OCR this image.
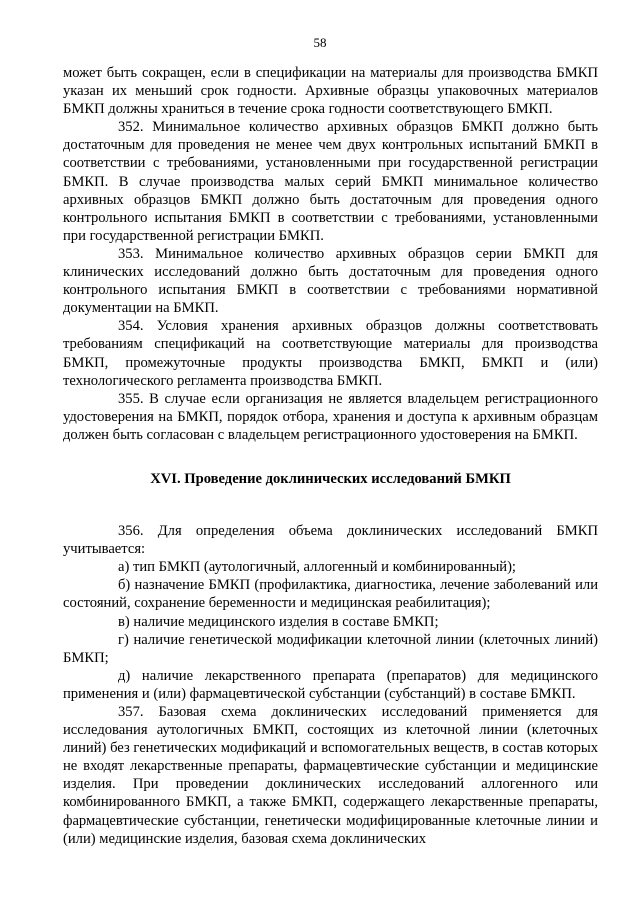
58

может быть сокращен, если в спецификации на материалы для производства БМКП указан их меньший срок годности. Архивные образцы упаковочных материалов БМКП должны храниться в течение срока годности соответствующего БМКП.

352. Минимальное количество архивных образцов БМКП должно быть достаточным для проведения не менее чем двух контрольных испытаний БМКП в соответствии с требованиями, установленными при государственной регистрации БМКП. В случае производства малых серий БМКП минимальное количество архивных образцов БМКП должно быть достаточным для проведения одного контрольного испытания БМКП в соответствии с требованиями, установленными при государственной регистрации БМКП.

353. Минимальное количество архивных образцов серии БМКП для клинических исследований должно быть достаточным для проведения одного контрольного испытания БМКП в соответствии с требованиями нормативной документации на БМКП.

354. Условия хранения архивных образцов должны соответствовать требованиям спецификаций на соответствующие материалы для производства БМКП, промежуточные продукты производства БМКП, БМКП и (или) технологического регламента производства БМКП.

355. В случае если организация не является владельцем регистрационного удостоверения на БМКП, порядок отбора, хранения и доступа к архивным образцам должен быть согласован с владельцем регистрационного удостоверения на БМКП.

XVI. Проведение доклинических исследований БМКП

356. Для определения объема доклинических исследований БМКП учитывается:

а) тип БМКП (аутологичный, аллогенный и комбинированный);

б) назначение БМКП (профилактика, диагностика, лечение заболеваний или состояний, сохранение беременности и медицинская реабилитация);

в) наличие медицинского изделия в составе БМКП;

г) наличие генетической модификации клеточной линии (клеточных линий) БМКП;

д) наличие лекарственного препарата (препаратов) для медицинского применения и (или) фармацевтической субстанции (субстанций) в составе БМКП.

357. Базовая схема доклинических исследований применяется для исследования аутологичных БМКП, состоящих из клеточной линии (клеточных линий) без генетических модификаций и вспомогательных веществ, в состав которых не входят лекарственные препараты, фармацевтические субстанции и медицинские изделия. При проведении доклинических исследований аллогенного или комбинированного БМКП, а также БМКП, содержащего лекарственные препараты, фармацевтические субстанции, генетически модифицированные клеточные линии и (или) медицинские изделия, базовая схема доклинических
